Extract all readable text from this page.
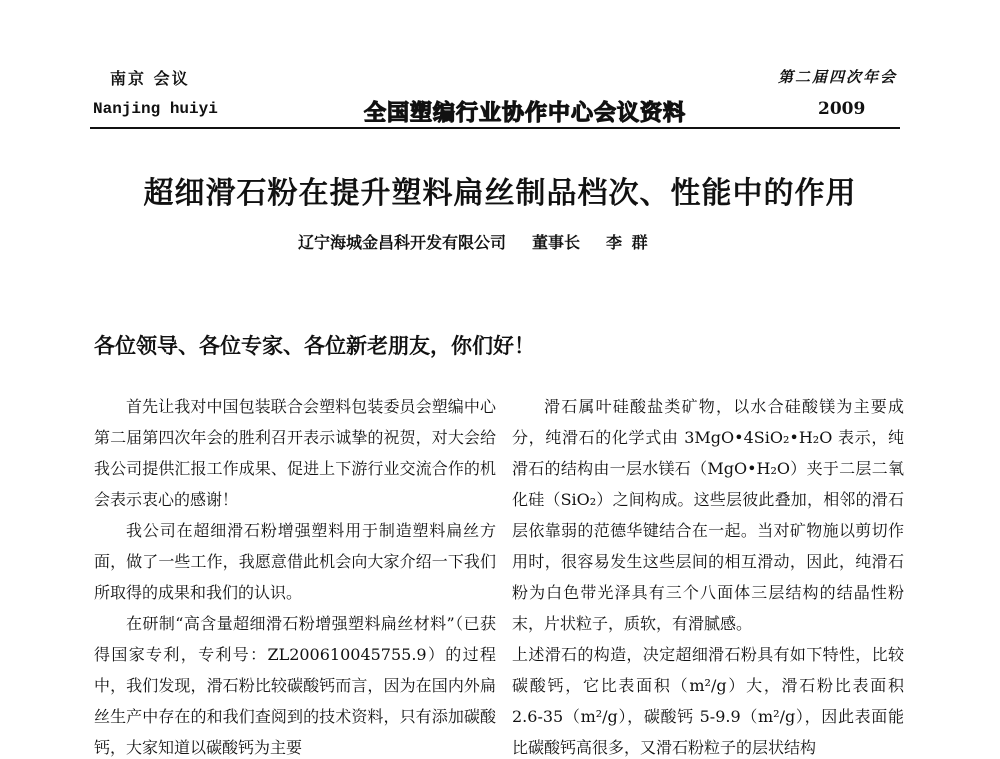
南京 会议
Nanjing huiyi	全国塑编行业协作中心会议资料
第二届四次年会
2009
超细滑石粉在提升塑料扁丝制品档次、性能中的作用
辽宁海城金昌科开发有限公司 董事长 李 群
各位领导、各位专家、各位新老朋友，你们好！

首先让我对中国包装联合会塑料包装委员会塑编中心第二届第四次年会的胜利召开表示诚挚的祝贺，对大会给我公司提供汇报工作成果、促进上下游行业交流合作的机会表示衷心的感谢！

我公司在超细滑石粉增强塑料用于制造塑料扁丝方面，做了一些工作，我愿意借此机会向大家介绍一下我们所取得的成果和我们的认识。

在研制“高含量超细滑石粉增强塑料扁丝材料”（已获得国家专利，专利号：ZL200610045755.9）的过程中，我们发现，滑石粉比较碳酸钙而言，因为在国内外扁丝生产中存在的和我们查阅到的技术资料，只有添加碳酸钙，大家知道以碳酸钙为主要

滑石属叶硅酸盐类矿物，以水合硅酸镁为主要成分，纯滑石的化学式由 3MgO•4SiO₂•H₂O 表示，纯滑石的结构由一层水镁石（MgO•H₂O）夹于二层二氧化硅（SiO₂）之间构成。这些层彼此叠加，相邻的滑石层依靠弱的范德华键结合在一起。当对矿物施以剪切作用时，很容易发生这些层间的相互滑动，因此，纯滑石粉为白色带光泽具有三个八面体三层结构的结晶性粉末，片状粒子，质软，有滑腻感。

上述滑石的构造，决定超细滑石粉具有如下特性，比较碳酸钙，它比表面积（m²/g）大，滑石粉比表面积 2.6-35（m²/g），碳酸钙 5-9.9（m²/g），因此表面能比碳酸钙高很多，又滑石粉粒子的层状结构
